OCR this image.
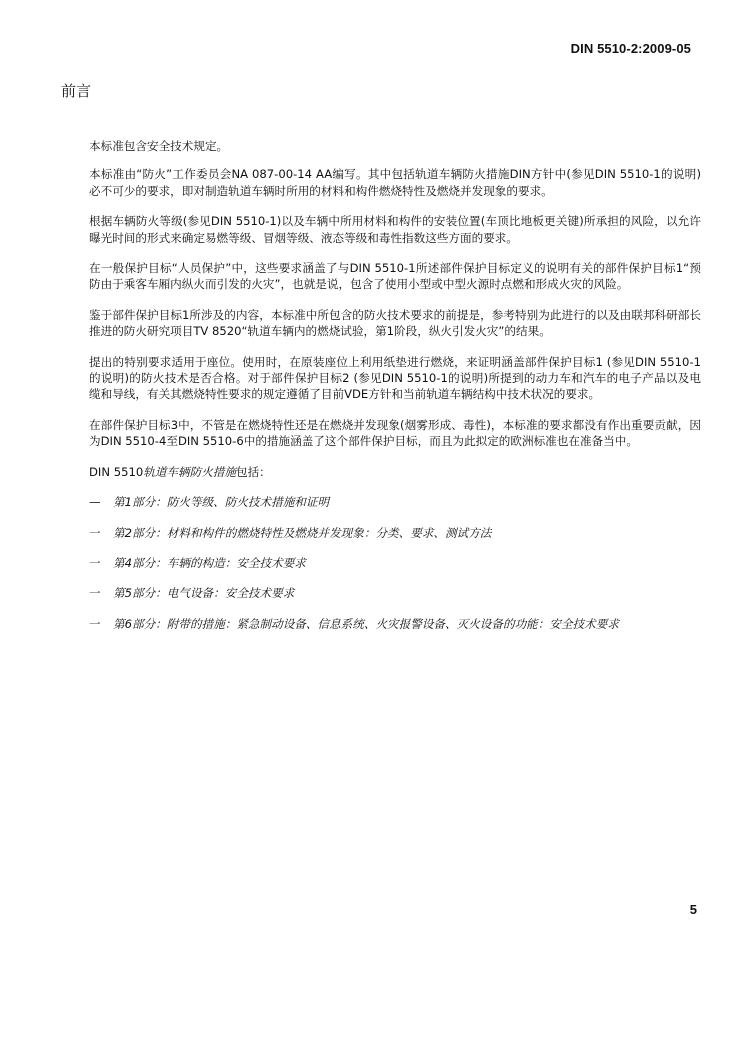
DIN 5510-2:2009-05
前言

本标准包含安全技术规定。

本标准由“防火”工作委员会NA 087-00-14 AA编写。其中包括轨道车辆防火措施DIN方针中(参见DIN 5510-1的说明)必不可少的要求，即对制造轨道车辆时所用的材料和构件燃烧特性及燃烧并发现象的要求。

根据车辆防火等级(参见DIN 5510-1)以及车辆中所用材料和构件的安装位置(车顶比地板更关键)所承担的风险，以允许曝光时间的形式来确定易燃等级、冒烟等级、液态等级和毒性指数这些方面的要求。

在一般保护目标“人员保护”中，这些要求涵盖了与DIN 5510-1所述部件保护目标定义的说明有关的部件保护目标1“预防由于乘客车厢内纵火而引发的火灾”，也就是说，包含了使用小型或中型火源时点燃和形成火灾的风险。

鉴于部件保护目标1所涉及的内容，本标准中所包含的防火技术要求的前提是，参考特别为此进行的以及由联邦科研部长推进的防火研究项目TV 8520“轨道车辆内的燃烧试验，第1阶段，纵火引发火灾”的结果。

提出的特别要求适用于座位。使用时，在原装座位上利用纸垫进行燃烧，来证明涵盖部件保护目标1 (参见DIN 5510-1的说明)的防火技术是否合格。对于部件保护目标2 (参见DIN 5510-1的说明)所提到的动力车和汽车的电子产品以及电缆和导线，有关其燃烧特性要求的规定遵循了目前VDE方针和当前轨道车辆结构中技术状况的要求。

在部件保护目标3中，不管是在燃烧特性还是在燃烧并发现象(烟雾形成、毒性)，本标准的要求都没有作出重要贡献，因为DIN 5510-4至DIN 5510-6中的措施涵盖了这个部件保护目标，而且为此拟定的欧洲标准也在准备当中。

DIN 5510轨道车辆防火措施包括：

—	第1部分：防火等级、防火技术措施和证明
一	第2部分：材料和构件的燃烧特性及燃烧并发现象：分类、要求、测试方法
一	第4部分：车辆的构造：安全技术要求
一	第5部分：电气设备：安全技术要求
一	第6部分：附带的措施：紧急制动设备、信息系统、火灾报警设备、灭火设备的功能：安全技术要求
5
